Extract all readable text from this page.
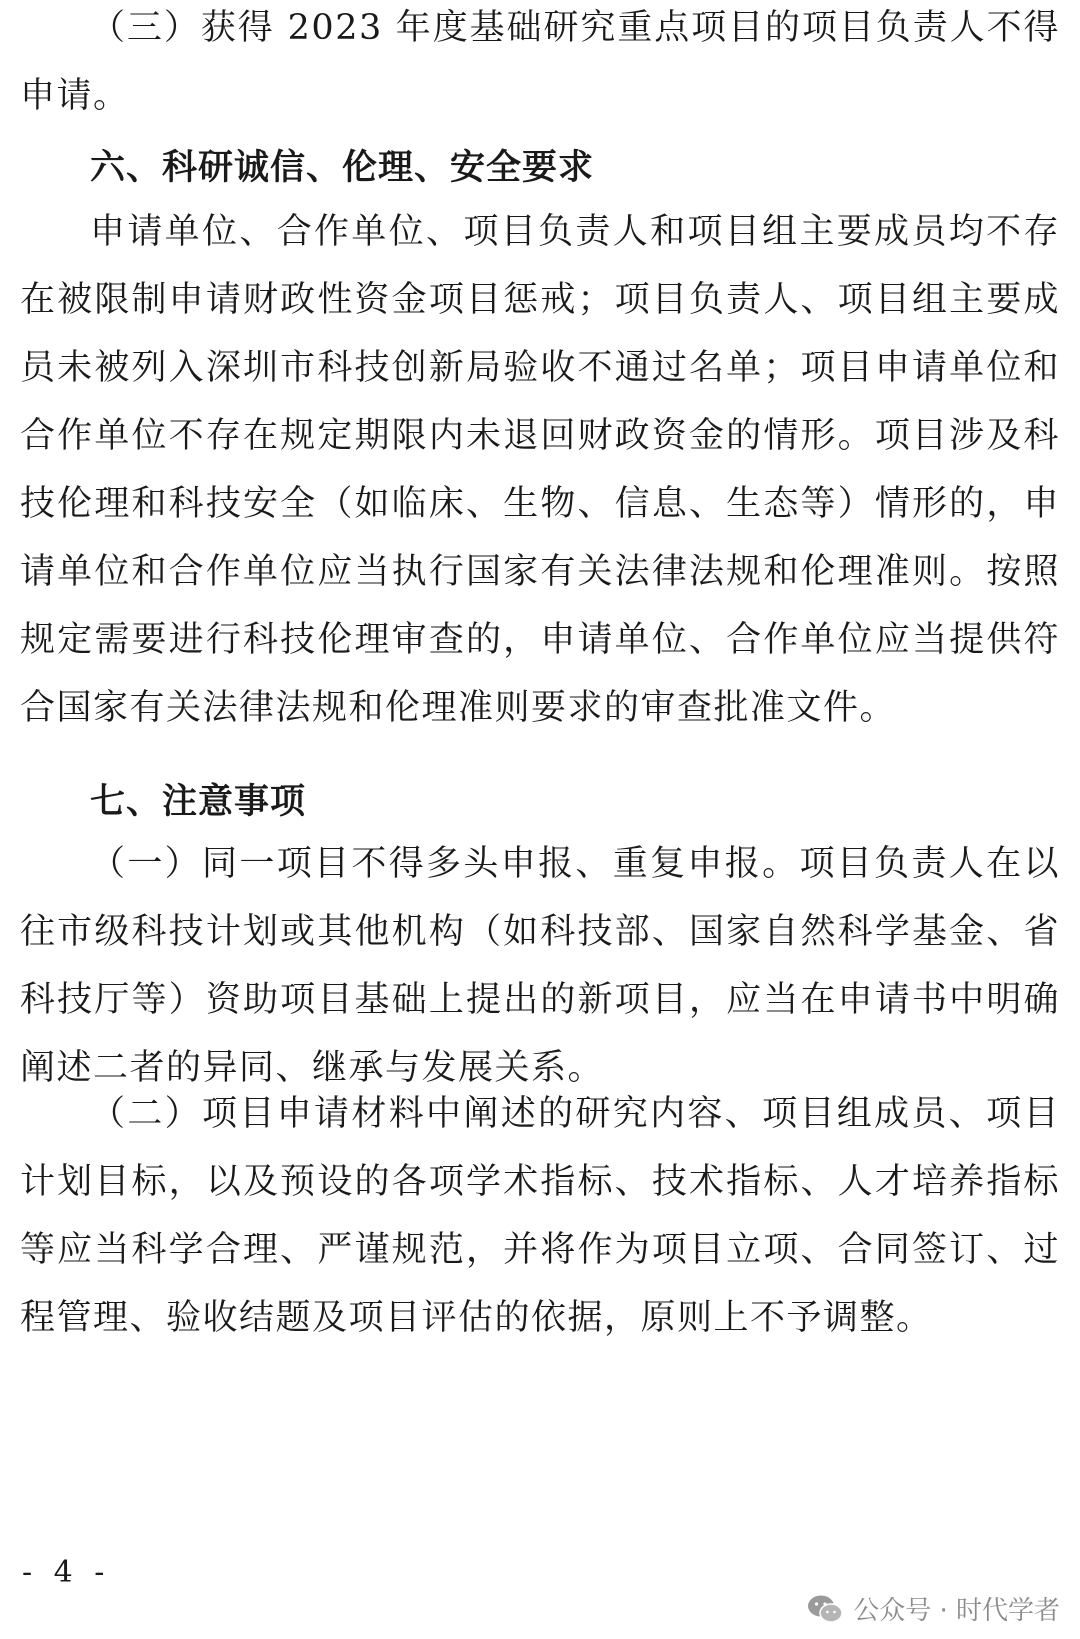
（三）获得 2023 年度基础研究重点项目的项目负责人不得申请。

六、科研诚信、伦理、安全要求

申请单位、合作单位、项目负责人和项目组主要成员均不存在被限制申请财政性资金项目惩戒；项目负责人、项目组主要成员未被列入深圳市科技创新局验收不通过名单；项目申请单位和合作单位不存在规定期限内未退回财政资金的情形。项目涉及科技伦理和科技安全（如临床、生物、信息、生态等）情形的，申请单位和合作单位应当执行国家有关法律法规和伦理准则。按照规定需要进行科技伦理审查的，申请单位、合作单位应当提供符合国家有关法律法规和伦理准则要求的审查批准文件。

七、注意事项

（一）同一项目不得多头申报、重复申报。项目负责人在以往市级科技计划或其他机构（如科技部、国家自然科学基金、省科技厅等）资助项目基础上提出的新项目，应当在申请书中明确阐述二者的异同、继承与发展关系。

（二）项目申请材料中阐述的研究内容、项目组成员、项目计划目标，以及预设的各项学术指标、技术指标、人才培养指标等应当科学合理、严谨规范，并将作为项目立项、合同签订、过程管理、验收结题及项目评估的依据，原则上不予调整。

- 4 -
公众号 · 时代学者
